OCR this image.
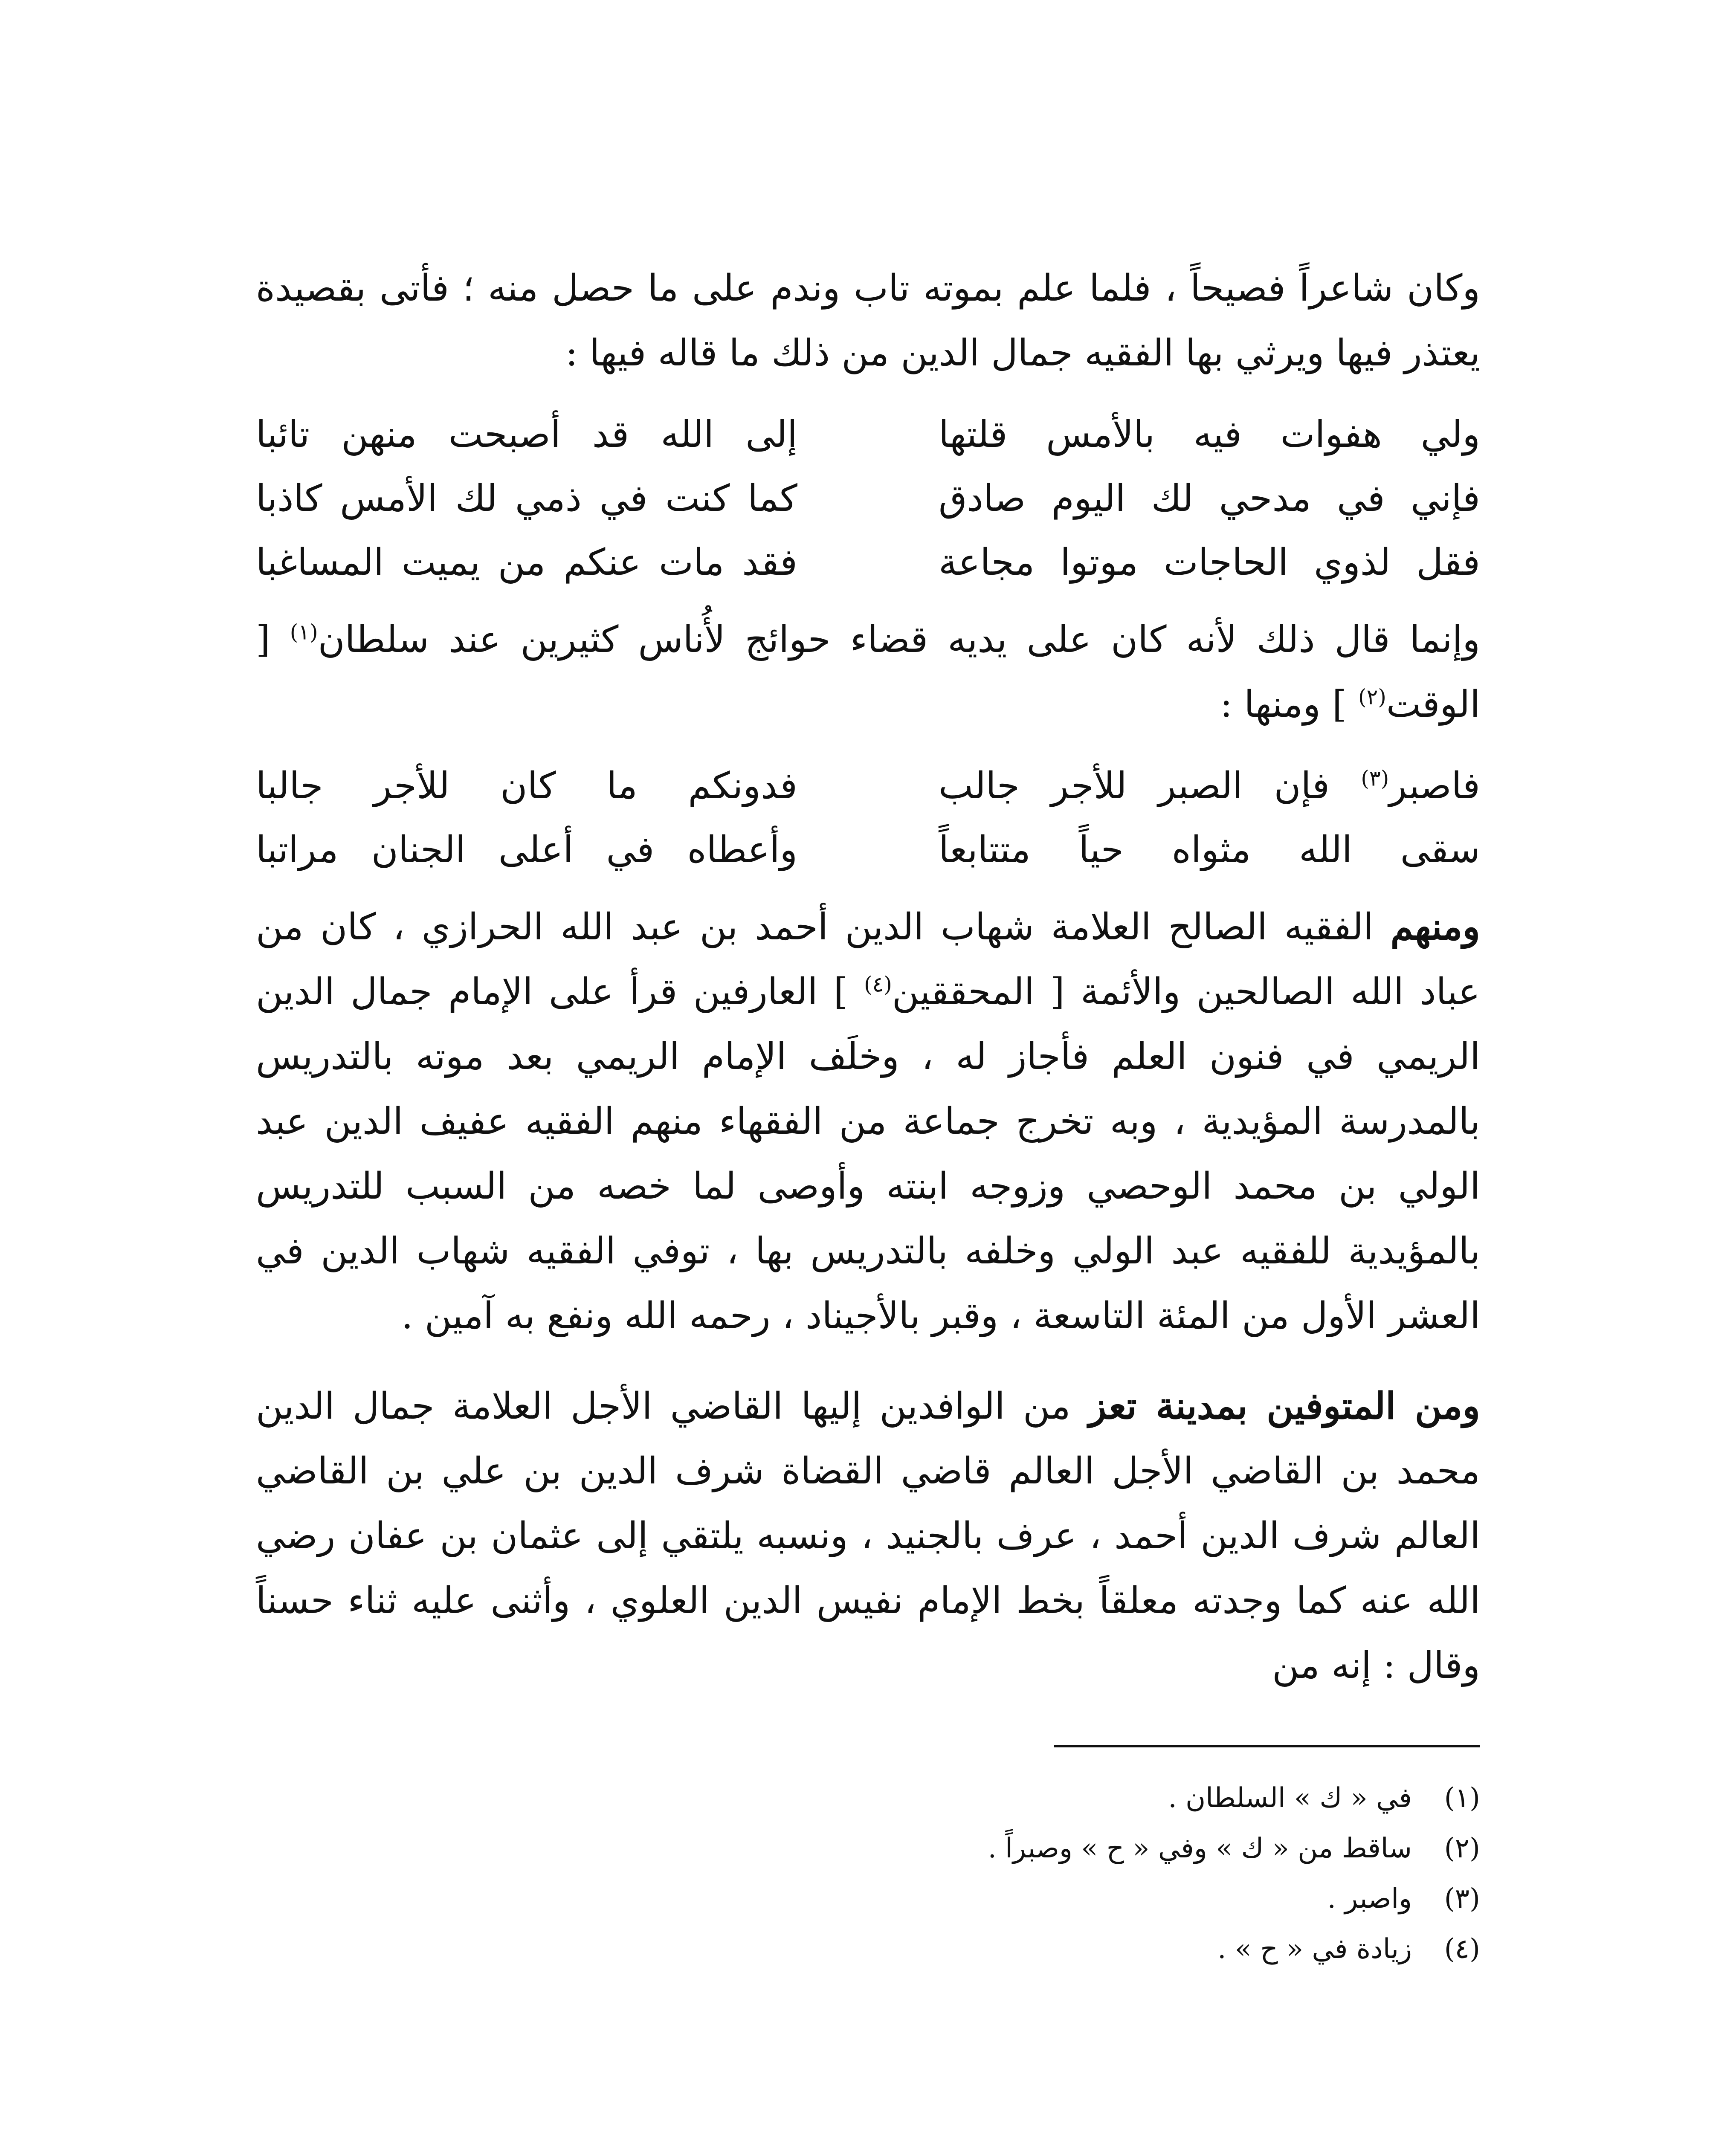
وكان شاعراً فصيحاً ، فلما علم بموته تاب وندم على ما حصل منه ؛ فأتى بقصيدة يعتذر فيها ويرثي بها الفقيه جمال الدين من ذلك ما قاله فيها :

ولي هفوات فيه بالأمس قلتها
إلى الله قد أصبحت منهن تائبا
فإني في مدحي لك اليوم صادق
كما كنت في ذمي لك الأمس كاذبا
فقل لذوي الحاجات موتوا مجاعة
فقد مات عنكم من يميت المساغبا

وإنما قال ذلك لأنه كان على يديه قضاء حوائج لأُناس كثيرين عند سلطان$^{(١)}$ [ الوقت$^{(٢)}$ ] ومنها :

فاصبر$^{(٣)}$ فإن الصبر للأجر جالب
فدونكم ما كان للأجر جالبا
سقى الله مثواه حياً متتابعاً
وأعطاه في أعلى الجنان مراتبا

ومنهم الفقيه الصالح العلامة شهاب الدين أحمد بن عبد الله الحرازي ، كان من عباد الله الصالحين والأئمة [ المحققين$^{(٤)}$ ] العارفين قرأ على الإمام جمال الدين الريمي في فنون العلم فأجاز له ، وخلَف الإمام الريمي بعد موته بالتدريس بالمدرسة المؤيدية ، وبه تخرج جماعة من الفقهاء منهم الفقيه عفيف الدين عبد الولي بن محمد الوحصي وزوجه ابنته وأوصى لما خصه من السبب للتدريس بالمؤيدية للفقيه عبد الولي وخلفه بالتدريس بها ، توفي الفقيه شهاب الدين في العشر الأول من المئة التاسعة ، وقبر بالأجيناد ، رحمه الله ونفع به آمين .

ومن المتوفين بمدينة تعز من الوافدين إليها القاضي الأجل العلامة جمال الدين محمد بن القاضي الأجل العالم قاضي القضاة شرف الدين بن علي بن القاضي العالم شرف الدين أحمد ، عرف بالجنيد ، ونسبه يلتقي إلى عثمان بن عفان رضي الله عنه كما وجدته معلقاً بخط الإمام نفيس الدين العلوي ، وأثنى عليه ثناء حسناً وقال : إنه من

(١)
في « ك » السلطان .
(٢)
ساقط من « ك » وفي « ح » وصبراً .
(٣)
واصبر .
(٤)
زيادة في « ح » .
